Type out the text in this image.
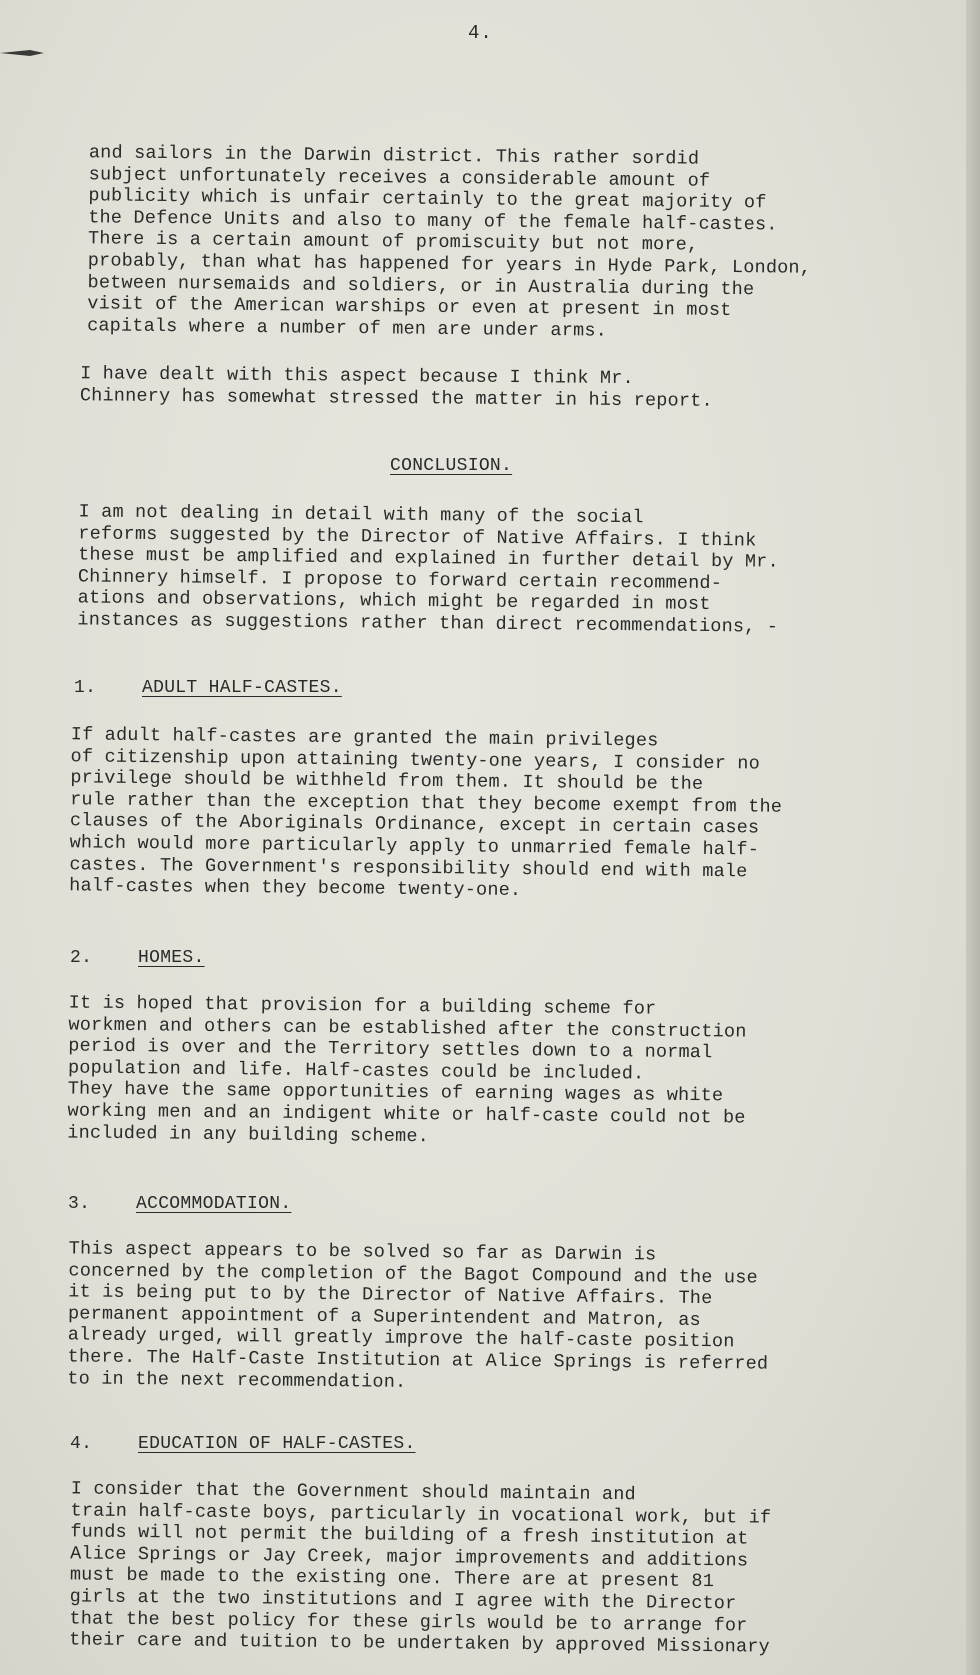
4.
and sailors in the Darwin district. This rather sordid
subject unfortunately receives a considerable amount of
publicity which is unfair certainly to the great majority of
the Defence Units and also to many of the female half-castes.
There is a certain amount of promiscuity but not more,
probably, than what has happened for years in Hyde Park, London,
between nursemaids and soldiers, or in Australia during the
visit of the American warships or even at present in most
capitals where a number of men are under arms.
I have dealt with this aspect because I think Mr.
Chinnery has somewhat stressed the matter in his report.
CONCLUSION.
I am not dealing in detail with many of the social
reforms suggested by the Director of Native Affairs. I think
these must be amplified and explained in further detail by Mr.
Chinnery himself. I propose to forward certain recommend-
ations and observations, which might be regarded in most
instances as suggestions rather than direct recommendations, -
1.	ADULT HALF-CASTES.
If adult half-castes are granted the main privileges
of citizenship upon attaining twenty-one years, I consider no
privilege should be withheld from them. It should be the
rule rather than the exception that they become exempt from the
clauses of the Aboriginals Ordinance, except in certain cases
which would more particularly apply to unmarried female half-
castes. The Government's responsibility should end with male
half-castes when they become twenty-one.
2.	HOMES.
It is hoped that provision for a building scheme for
workmen and others can be established after the construction
period is over and the Territory settles down to a normal
population and life. Half-castes could be included.
They have the same opportunities of earning wages as white
working men and an indigent white or half-caste could not be
included in any building scheme.
3.	ACCOMMODATION.
This aspect appears to be solved so far as Darwin is
concerned by the completion of the Bagot Compound and the use
it is being put to by the Director of Native Affairs. The
permanent appointment of a Superintendent and Matron, as
already urged, will greatly improve the half-caste position
there. The Half-Caste Institution at Alice Springs is referred
to in the next recommendation.
4.	EDUCATION OF HALF-CASTES.
I consider that the Government should maintain and
train half-caste boys, particularly in vocational work, but if
funds will not permit the building of a fresh institution at
Alice Springs or Jay Creek, major improvements and additions
must be made to the existing one. There are at present 81
girls at the two institutions and I agree with the Director
that the best policy for these girls would be to arrange for
their care and tuition to be undertaken by approved Missionary
